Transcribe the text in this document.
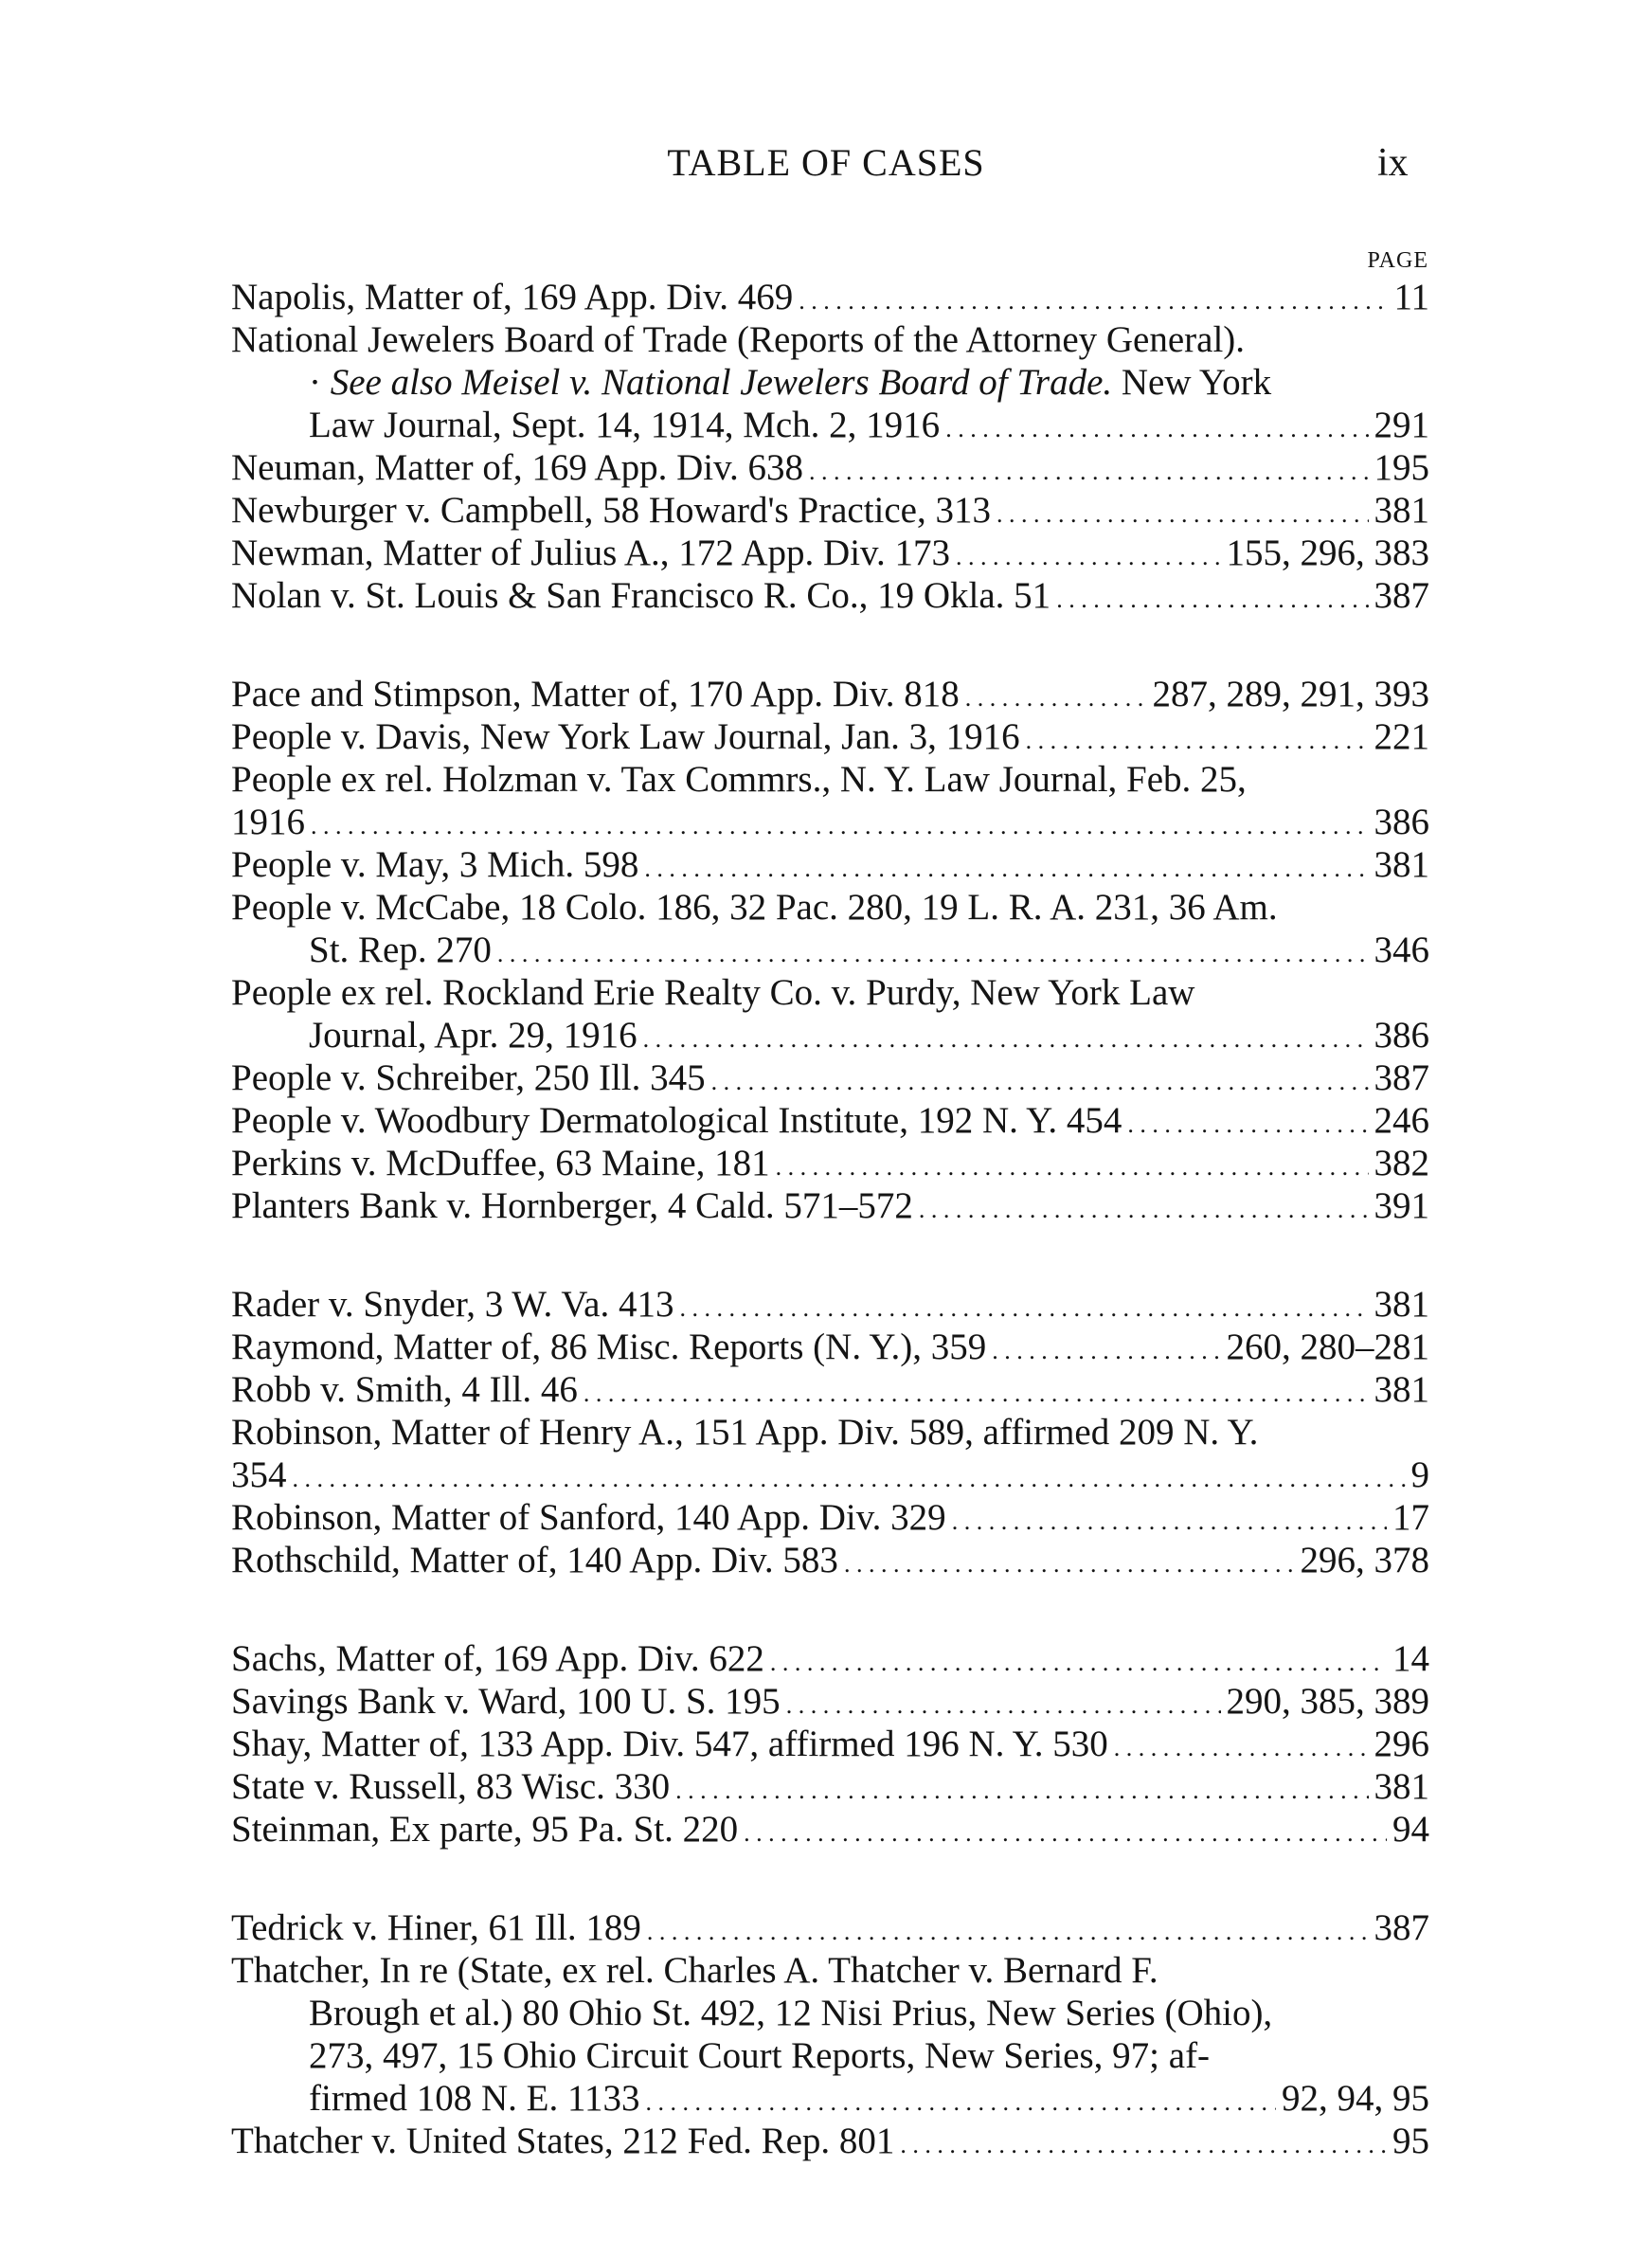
TABLE OF CASES	ix
PAGE
Napolis, Matter of, 169 App. Div. 469 . . .	11
National Jewelers Board of Trade (Reports of the Attorney General).
· See also Meisel v. National Jewelers Board of Trade. New York
Law Journal, Sept. 14, 1914, Mch. 2, 1916 . . .	291
Neuman, Matter of, 169 App. Div. 638 . . .	195
Newburger v. Campbell, 58 Howard's Practice, 313 . . .	381
Newman, Matter of Julius A., 172 App. Div. 173 . . .	155, 296, 383
Nolan v. St. Louis & San Francisco R. Co., 19 Okla. 51 . . .	387
Pace and Stimpson, Matter of, 170 App. Div. 818 . . .	287, 289, 291, 393
People v. Davis, New York Law Journal, Jan. 3, 1916 . . .	221
People ex rel. Holzman v. Tax Commrs., N. Y. Law Journal, Feb. 25,
1916 . . .	386
People v. May, 3 Mich. 598 . . .	381
People v. McCabe, 18 Colo. 186, 32 Pac. 280, 19 L. R. A. 231, 36 Am.
St. Rep. 270 . . .	346
People ex rel. Rockland Erie Realty Co. v. Purdy, New York Law
Journal, Apr. 29, 1916 . . .	386
People v. Schreiber, 250 Ill. 345 . . .	387
People v. Woodbury Dermatological Institute, 192 N. Y. 454 . . .	246
Perkins v. McDuffee, 63 Maine, 181 . . .	382
Planters Bank v. Hornberger, 4 Cald. 571–572 . . .	391
Rader v. Snyder, 3 W. Va. 413 . . .	381
Raymond, Matter of, 86 Misc. Reports (N. Y.), 359 . . .	260, 280–281
Robb v. Smith, 4 Ill. 46 . . .	381
Robinson, Matter of Henry A., 151 App. Div. 589, affirmed 209 N. Y.
354 . . .	9
Robinson, Matter of Sanford, 140 App. Div. 329 . . .	17
Rothschild, Matter of, 140 App. Div. 583 . . .	296, 378
Sachs, Matter of, 169 App. Div. 622 . . .	14
Savings Bank v. Ward, 100 U. S. 195 . . .	290, 385, 389
Shay, Matter of, 133 App. Div. 547, affirmed 196 N. Y. 530 . . .	296
State v. Russell, 83 Wisc. 330 . . .	381
Steinman, Ex parte, 95 Pa. St. 220 . . .	94
Tedrick v. Hiner, 61 Ill. 189 . . .	387
Thatcher, In re (State, ex rel. Charles A. Thatcher v. Bernard F.
Brough et al.) 80 Ohio St. 492, 12 Nisi Prius, New Series (Ohio),
273, 497, 15 Ohio Circuit Court Reports, New Series, 97; af-
firmed 108 N. E. 1133 . . .	92, 94, 95
Thatcher v. United States, 212 Fed. Rep. 801 . . .	95
